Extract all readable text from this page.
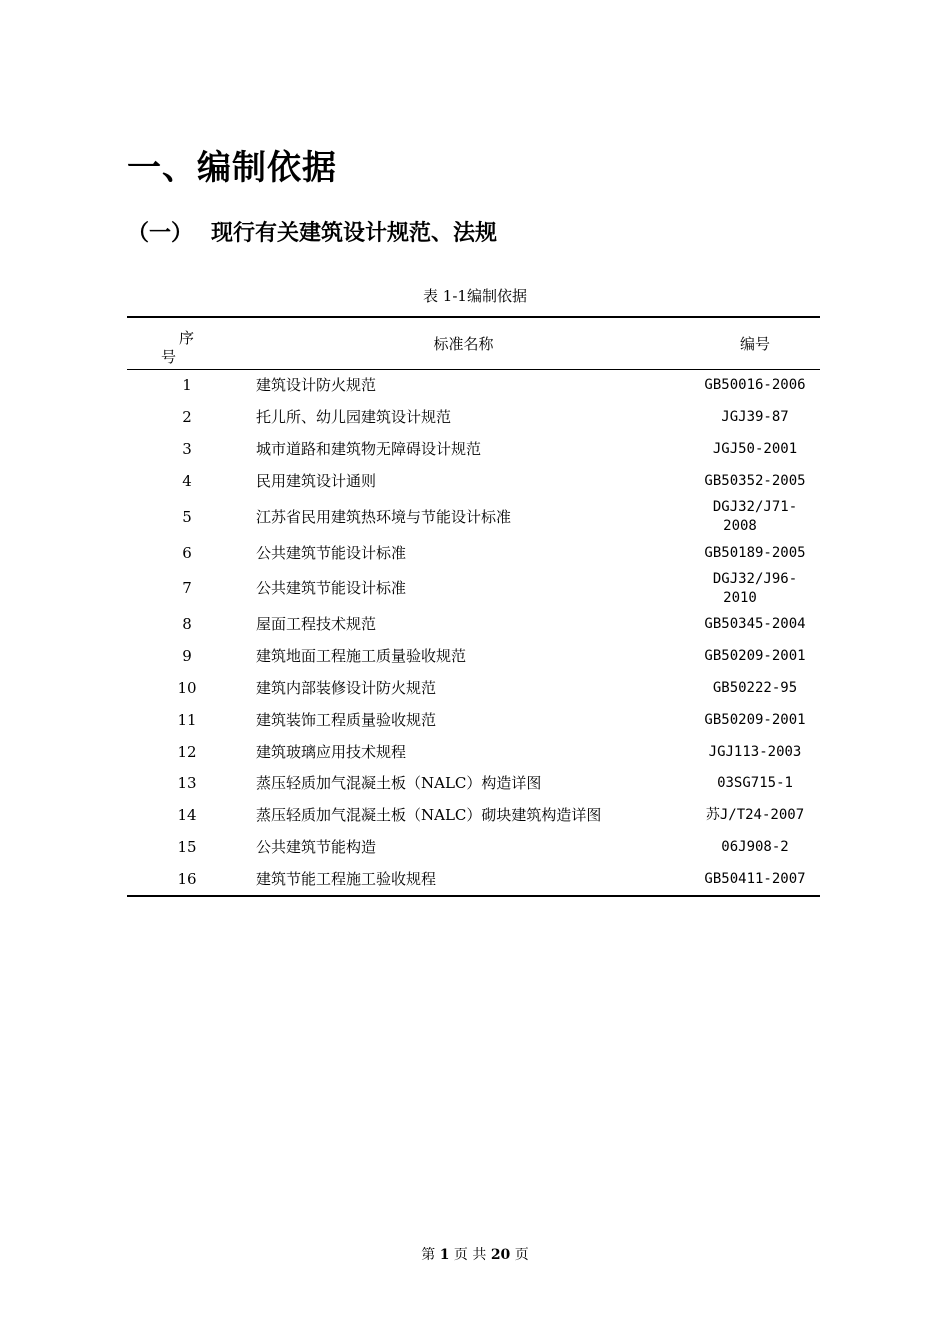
一、编制依据
（一） 现行有关建筑设计规范、法规
表 1-1编制依据
序
号	标准名称	编号
1	建筑设计防火规范	GB50016-2006
2	托儿所、幼儿园建筑设计规范	JGJ39-87
3	城市道路和建筑物无障碍设计规范	JGJ50-2001
4	民用建筑设计通则	GB50352-2005
5	江苏省民用建筑热环境与节能设计标准	DGJ32/J71-
2008

6	公共建筑节能设计标准	GB50189-2005
7	公共建筑节能设计标准	DGJ32/J96-
2010

8	屋面工程技术规范	GB50345-2004
9	建筑地面工程施工质量验收规范	GB50209-2001
10	建筑内部装修设计防火规范	GB50222-95
11	建筑装饰工程质量验收规范	GB50209-2001
12	建筑玻璃应用技术规程	JGJ113-2003
13	蒸压轻质加气混凝土板（NALC）构造详图	03SG715-1
14	蒸压轻质加气混凝土板（NALC）砌块建筑构造详图	苏J/T24-2007
15	公共建筑节能构造	06J908-2
16	建筑节能工程施工验收规程	GB50411-2007
第 1 页 共 20 页
